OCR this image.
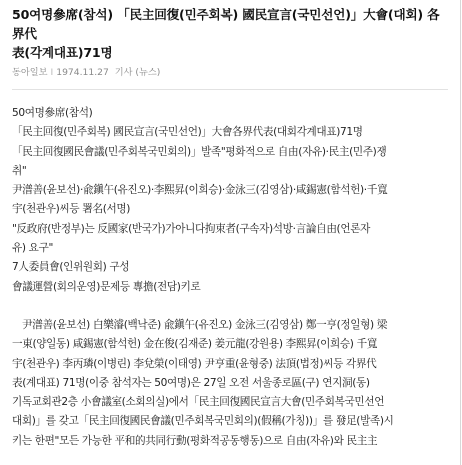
50여명參席(참석) 「民主回復(민주회복) 國民宣言(국민선언)」大會(대회) 各界代
表(각계대표)71명
동아일보 I 1974.11.27 기사 (뉴스)

50여명參席(참석)

「民主回復(민주회복) 國民宣言(국민선언)」大會各界代表(대회각계대표)71명

「民主回復國民會議(민주회복국민회의)」발족"평화적으로 自由(자유)·民主(민주)쟁

취"

尹潽善(윤보선)·兪鎭午(유진오)·李熙昇(이희승)·金泳三(김영삼)·咸錫憲(함석헌)·千寬

宇(천관우)씨등 署名(서명)

"反政府(반정부)는 反國家(반국가)가아니다拘束者(구속자)석방·言論自由(언론자

유) 요구"

7人委員會(인위원회) 구성

會議運營(회의운영)문제등 專擔(전담)키로

尹潽善(윤보선) 白樂濬(백낙준) 兪鎭午(유진오) 金泳三(김영삼) 鄭一亨(정일형) 梁

一東(양일동) 咸錫憲(함석헌) 金在俊(김재준) 姜元龍(강원용) 李熙昇(이희승) 千寬

宇(천관우) 李丙璘(이병린) 李兌榮(이태영) 尹亨重(윤형중) 法頂(법정)씨등 각界代

表(계대표) 71명(이중 참석자는 50여명)은 27일 오전 서울종로區(구) 연지洞(동)

기독교회관2층 小會議室(소회의실)에서「民主回復國民宣言大會(민주회복국민선언

대회)」를 갖고「民主回復國民會議(민주회복국민회의)(假稱(가칭))」를 發足(발족)시

키는 한편"모든 가능한 平和的共同行動(평화적공동행동)으로 自由(자유)와 民主主
